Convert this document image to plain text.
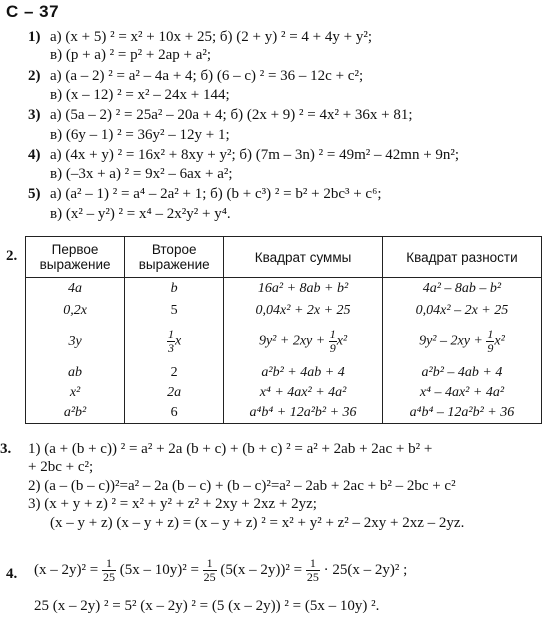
С – 37
1) а) (x + 5) ² = x² + 10x + 25; б) (2 + y) ² = 4 + 4y + y²;
в) (p + a) ² = p² + 2ap + a²;
2) а) (a – 2) ² = a² – 4a + 4; б) (6 – c) ² = 36 – 12c + c²;
в) (x – 12) ² = x² – 24x + 144;
3) а) (5a – 2) ² = 25a² – 20a + 4; б) (2x + 9) ² = 4x² + 36x + 81;
в) (6y – 1) ² = 36y² – 12y + 1;
4) а) (4x + y) ² = 16x² + 8xy + y²; б) (7m – 3n) ² = 49m² – 42mn + 9n²;
в) (–3x + a) ² = 9x² – 6ax + a²;
5) а) (a² – 1) ² = a⁴ – 2a² + 1; б) (b + c³) ² = b² + 2bc³ + c⁶;
в) (x² – y²) ² = x⁴ – 2x²y² + y⁴.
2.	Первое выражение	Второе выражение	Квадрат суммы	Квадрат разности
4a	b	16a² + 8ab + b²	4a² – 8ab – b²
0,2x	5	0,04x² + 2x + 25	0,04x² – 2x + 25
3y	$\frac{1}{3}$ x	$9y^2 + 2xy + \frac{1}{9} x^2$	$9y^2 - 2xy + \frac{1}{9} x^2$
ab	2	a²b² + 4ab + 4	a²b² – 4ab + 4
x²	2a	x⁴ + 4ax² + 4a²	x⁴ – 4ax² + 4a²
a²b²	6	a⁴b⁴ + 12a²b² + 36	a⁴b⁴ – 12a²b² + 36
3. 1) (a + (b + c)) ² = a² + 2a (b + c) + (b + c) ² = a² + 2ab + 2ac + b² +
+ 2bc + c²;
2) (a – (b – c))²=a² – 2a (b – c) + (b – c)²=a² – 2ab + 2ac + b² – 2bc + c²
3) (x + y + z) ² = x² + y² + z² + 2xy + 2xz + 2yz;
(x – y + z) (x – y + z) = (x – y + z) ² = x² + y² + z² – 2xy + 2xz – 2yz.
4. $(x - 2y)^2 = \frac{1}{25} (5x - 10y)^2 = \frac{1}{25} (5(x - 2y))^2 = \frac{1}{25} \cdot 25(x - 2y)^2$ ;
25 (x – 2y) ² = 5² (x – 2y) ² = (5 (x – 2y)) ² = (5x – 10y) ².
